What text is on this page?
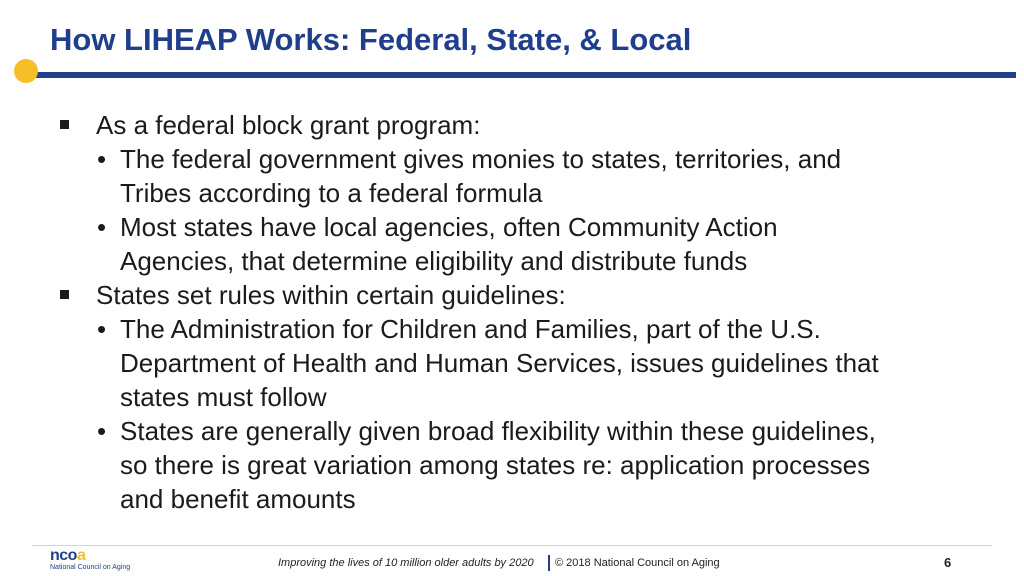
How LIHEAP Works: Federal, State, & Local
As a federal block grant program:
• The federal government gives monies to states, territories, and
Tribes according to a federal formula
• Most states have local agencies, often Community Action
Agencies, that determine eligibility and distribute funds
States set rules within certain guidelines:
• The Administration for Children and Families, part of the U.S.
Department of Health and Human Services, issues guidelines that
states must follow
• States are generally given broad flexibility within these guidelines,
so there is great variation among states re: application processes
and benefit amounts
ncoa
National Council on Aging	Improving the lives of 10 million older adults by 2020 © 2018 National Council on Aging	6
